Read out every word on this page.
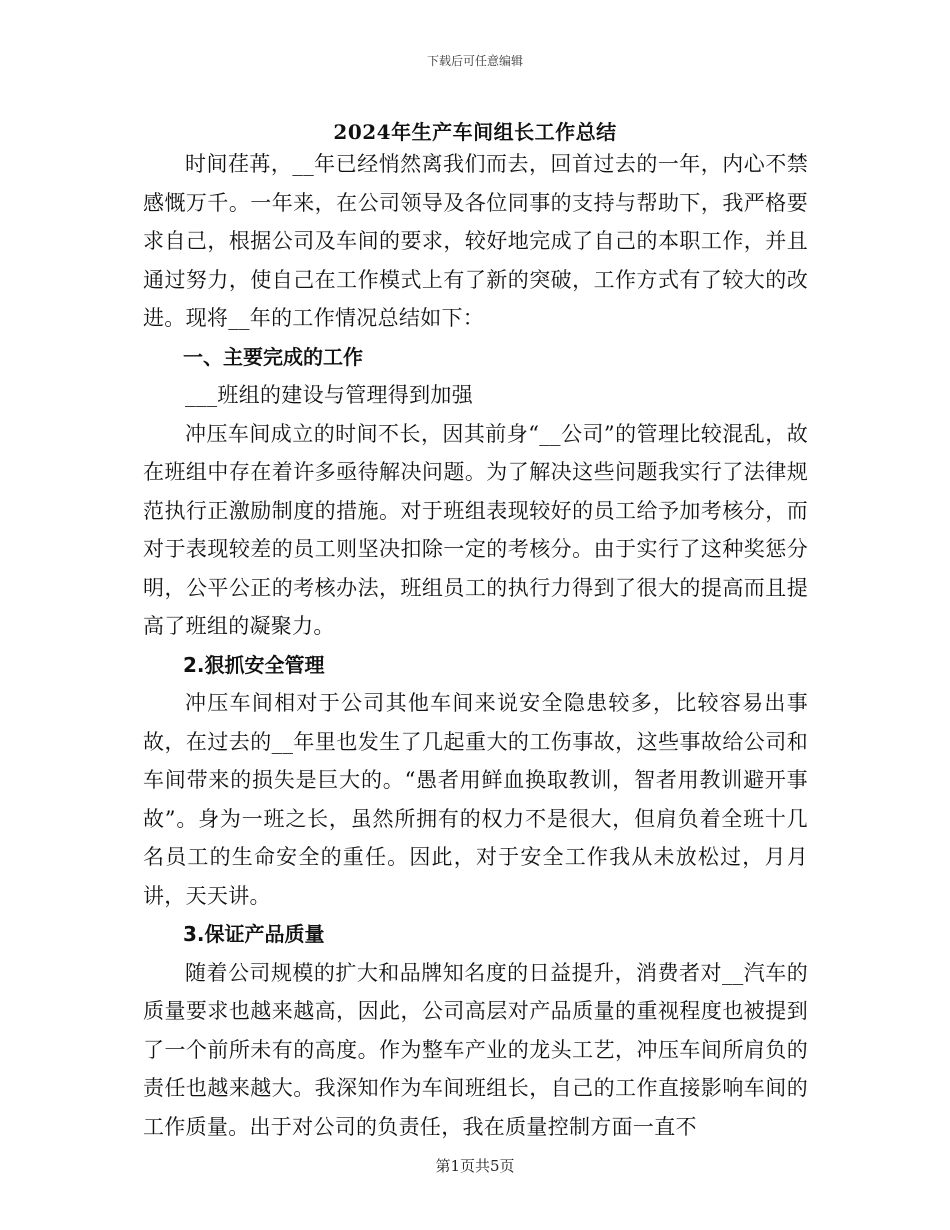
下载后可任意编辑
2024年生产车间组长工作总结

时间荏苒，__年已经悄然离我们而去，回首过去的一年，内心不禁感慨万千。一年来，在公司领导及各位同事的支持与帮助下，我严格要求自己，根据公司及车间的要求，较好地完成了自己的本职工作，并且通过努力，使自己在工作模式上有了新的突破，工作方式有了较大的改进。现将__年的工作情况总结如下：

一、主要完成的工作

___班组的建设与管理得到加强

冲压车间成立的时间不长，因其前身“__公司”的管理比较混乱，故在班组中存在着许多亟待解决问题。为了解决这些问题我实行了法律规范执行正激励制度的措施。对于班组表现较好的员工给予加考核分，而对于表现较差的员工则坚决扣除一定的考核分。由于实行了这种奖惩分明，公平公正的考核办法，班组员工的执行力得到了很大的提高而且提高了班组的凝聚力。

2.狠抓安全管理

冲压车间相对于公司其他车间来说安全隐患较多，比较容易出事故，在过去的__年里也发生了几起重大的工伤事故，这些事故给公司和车间带来的损失是巨大的。“愚者用鲜血换取教训，智者用教训避开事故”。身为一班之长，虽然所拥有的权力不是很大，但肩负着全班十几名员工的生命安全的重任。因此，对于安全工作我从未放松过，月月讲，天天讲。

3.保证产品质量

随着公司规模的扩大和品牌知名度的日益提升，消费者对__汽车的质量要求也越来越高，因此，公司高层对产品质量的重视程度也被提到了一个前所未有的高度。作为整车产业的龙头工艺，冲压车间所肩负的责任也越来越大。我深知作为车间班组长，自己的工作直接影响车间的工作质量。出于对公司的负责任，我在质量控制方面一直不

第1页共5页
